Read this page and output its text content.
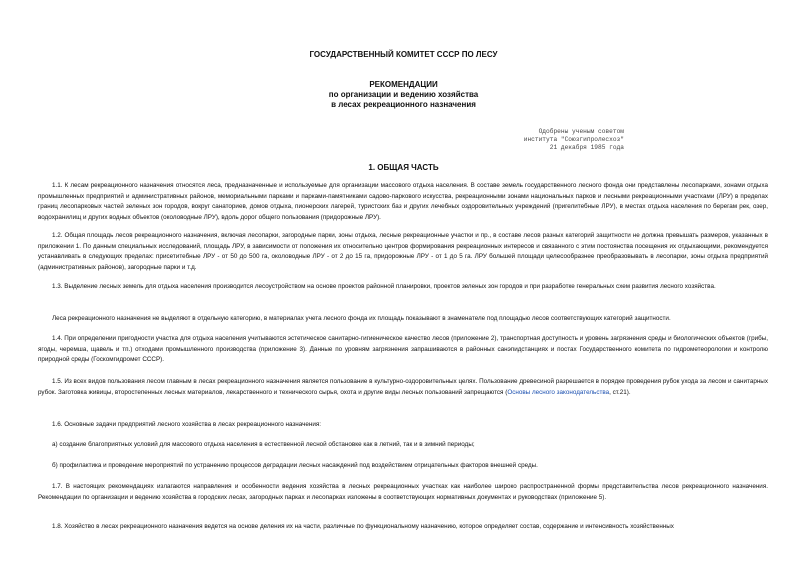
ГОСУДАРСТВЕННЫЙ КОМИТЕТ СССР ПО ЛЕСУ
РЕКОМЕНДАЦИИ
по организации и ведению хозяйства
в лесах рекреационного назначения
Одобрены ученым советом
института "Союзгипролесхоз"
21 декабря 1985 года
1. ОБЩАЯ ЧАСТЬ

1.1. К лесам рекреационного назначения относятся леса, предназначенные и используемые для организации массового отдыха населения. В составе земель государственного лесного фонда они представлены лесопарками, зонами отдыха промышленных предприятий и административных районов, мемориальными парками и парками-памятниками садово-паркового искусства, рекреационными зонами национальных парков и лесными рекреационными участками (ЛРУ) в пределах границ лесопарковых частей зеленых зон городов, вокруг санаториев, домов отдыха, пионерских лагерей, туристских баз и других лечебных оздоровительных учреждений (пригелитебные ЛРУ), в местах отдыха населения по берегам рек, озер, водохранилищ и других водных объектов (околоводные ЛРУ), вдоль дорог общего пользования (придорожные ЛРУ).

1.2. Общая площадь лесов рекреационного назначения, включая лесопарки, загородные парки, зоны отдыха, лесные рекреационные участки и пр., в составе лесов разных категорий защитности не должна превышать размеров, указанных в приложении 1. По данным специальных исследований, площадь ЛРУ, в зависимости от положения их относительно центров формирования рекреационных интересов и связанного с этим постоянства посещения их отдыхающими, рекомендуется устанавливать в следующих пределах: присетитебные ЛРУ - от 50 до 500 га, околоводные ЛРУ - от 2 до 15 га, придорожные ЛРУ - от 1 до 5 га. ЛРУ большей площади целесообразнее преобразовывать в лесопарки, зоны отдыха предприятий (административных районов), загородные парки и т.д.

1.3. Выделение лесных земель для отдыха населения производится лесоустройством на основе проектов районной планировки, проектов зеленых зон городов и при разработке генеральных схем развития лесного хозяйства.

Леса рекреационного назначения не выделяют в отдельную категорию, в материалах учета лесного фонда их площадь показывают в знаменателе под площадью лесов соответствующих категорий защитности.

1.4. При определении пригодности участка для отдыха населения учитываются эстетическое санитарно-гигиеническое качество лесов (приложение 2), транспортная доступность и уровень загрязнения среды и биологических объектов (грибы, ягоды, черемша, щавель и тп.) отходами промышленного производства (приложение 3). Данные по уровням загрязнения запрашиваются в районных санэпидстанциях и постах Государственного комитета по гидрометеорологии и контролю природной среды (Госкомгидромет СССР).

1.5. Из всех видов пользования лесом главным в лесах рекреационного назначения является пользование в культурно-оздоровительных целях. Пользование древесиной разрешается в порядке проведения рубок ухода за лесом и санитарных рубок. Заготовка живицы, второстепенных лесных материалов, лекарственного и технического сырья, охота и другие виды лесных пользований запрещаются (Основы лесного законодательства, ст.21).

1.6. Основные задачи предприятий лесного хозяйства в лесах рекреационного назначения:

а) создание благоприятных условий для массового отдыха населения в естественной лесной обстановке как в летний, так и в зимний периоды;

б) профилактика и проведение мероприятий по устранению процессов деградации лесных насаждений под воздействием отрицательных факторов внешней среды.

1.7. В настоящих рекомендациях излагаются направления и особенности ведения хозяйства в лесных рекреационных участках как наиболее широко распространенной формы представительства лесов рекреационного назначения. Рекомендации по организации и ведению хозяйства в городских лесах, загородных парках и лесопарках изложены в соответствующих нормативных документах и руководствах (приложение 5).

1.8. Хозяйство в лесах рекреационного назначения ведется на основе деления их на части, различные по функциональному назначению, которое определяет состав, содержание и интенсивность хозяйственных
